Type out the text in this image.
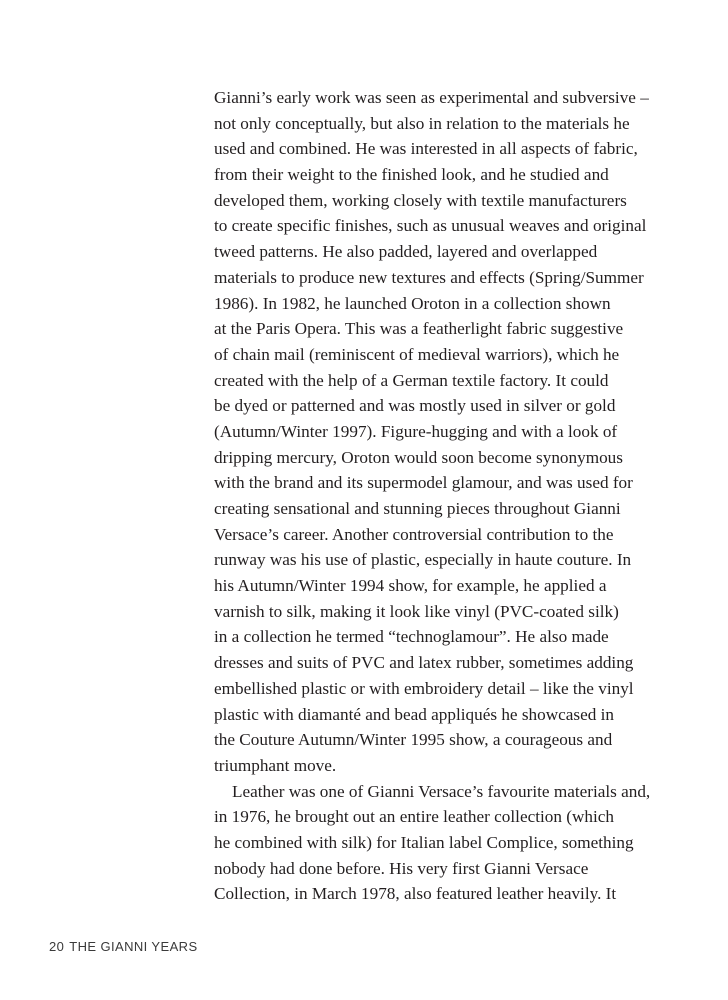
Gianni’s early work was seen as experimental and subversive –
not only conceptually, but also in relation to the materials he
used and combined. He was interested in all aspects of fabric,
from their weight to the finished look, and he studied and
developed them, working closely with textile manufacturers
to create specific finishes, such as unusual weaves and original
tweed patterns. He also padded, layered and overlapped
materials to produce new textures and effects (Spring/Summer
1986). In 1982, he launched Oroton in a collection shown
at the Paris Opera. This was a featherlight fabric suggestive
of chain mail (reminiscent of medieval warriors), which he
created with the help of a German textile factory. It could
be dyed or patterned and was mostly used in silver or gold
(Autumn/Winter 1997). Figure-hugging and with a look of
dripping mercury, Oroton would soon become synonymous
with the brand and its supermodel glamour, and was used for
creating sensational and stunning pieces throughout Gianni
Versace’s career. Another controversial contribution to the
runway was his use of plastic, especially in haute couture. In
his Autumn/Winter 1994 show, for example, he applied a
varnish to silk, making it look like vinyl (PVC-coated silk)
in a collection he termed “technoglamour”. He also made
dresses and suits of PVC and latex rubber, sometimes adding
embellished plastic or with embroidery detail – like the vinyl
plastic with diamanté and bead appliqués he showcased in
the Couture Autumn/Winter 1995 show, a courageous and
triumphant move.
Leather was one of Gianni Versace’s favourite materials and,
in 1976, he brought out an entire leather collection (which
he combined with silk) for Italian label Complice, something
nobody had done before. His very first Gianni Versace
Collection, in March 1978, also featured leather heavily. It
20 THE GIANNI YEARS
